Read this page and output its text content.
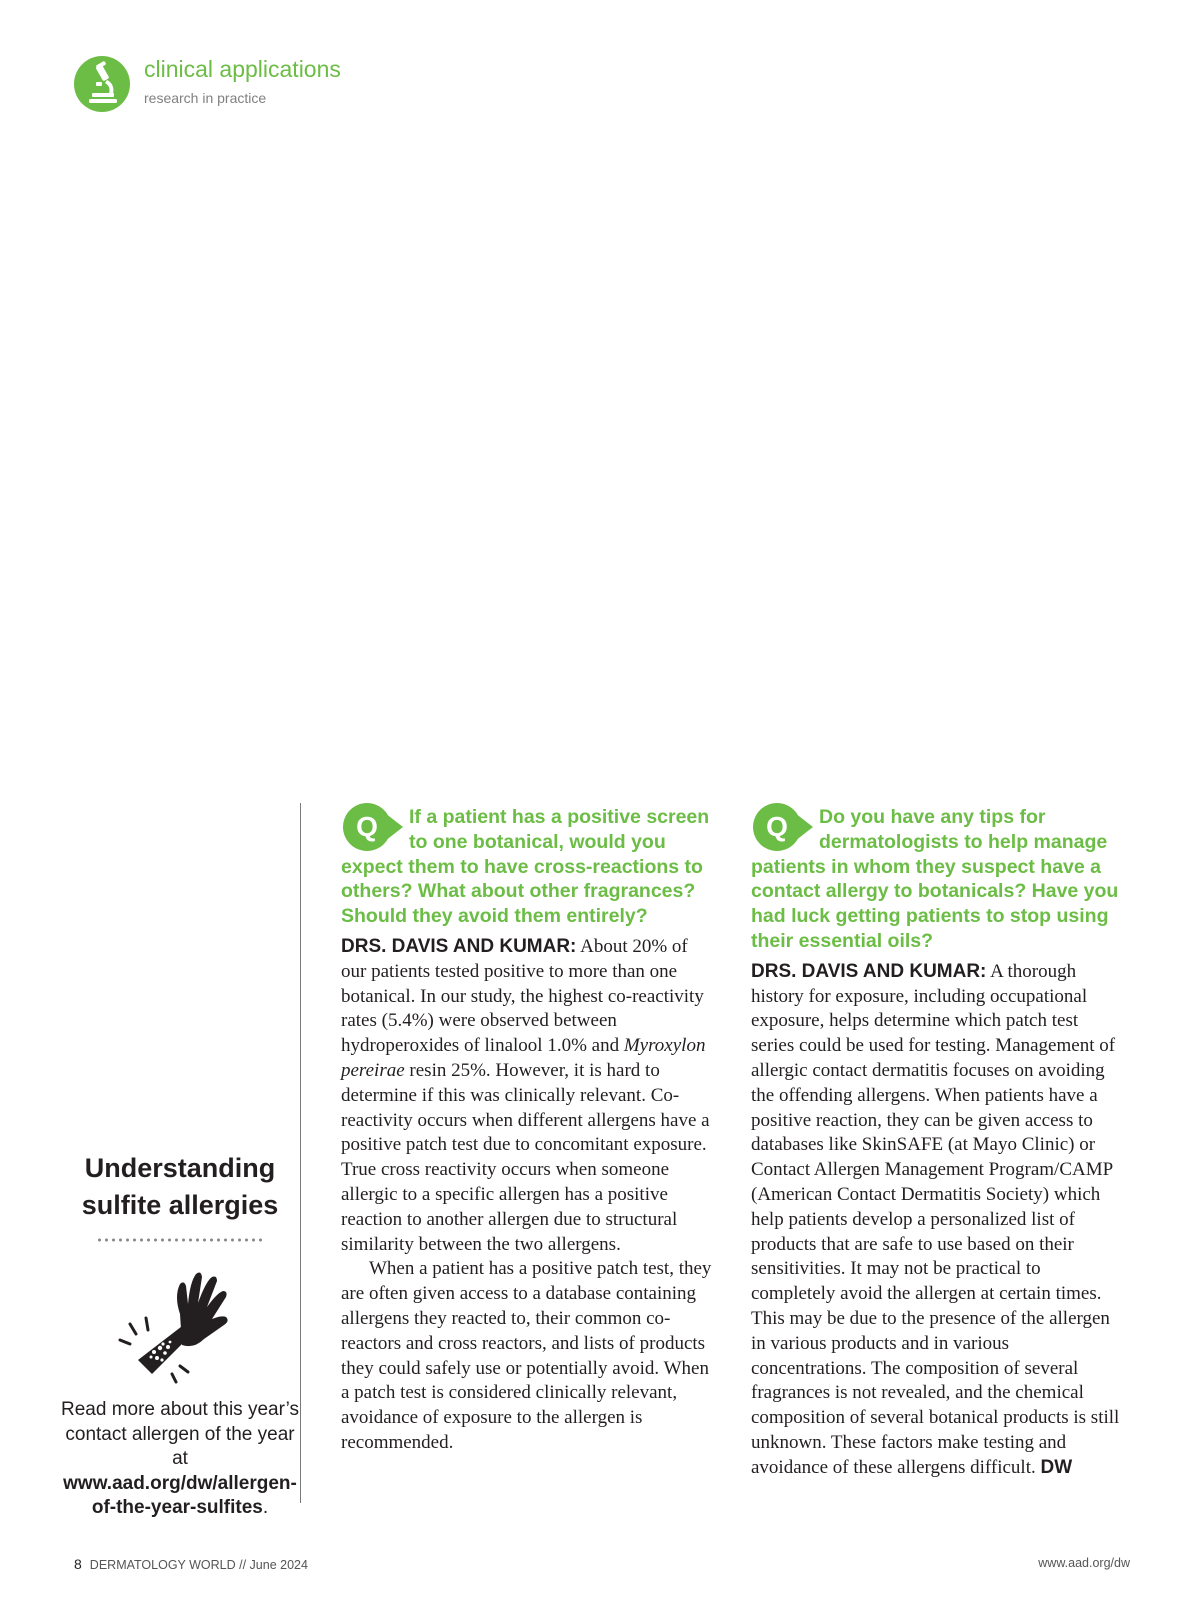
clinical applications
research in practice
Understanding
sulfite allergies
Read more about this year’s contact allergen of the year at www.aad.org/dw/allergen-of-the-year-sulfites.
Q If a patient has a positive screen to one botanical, would you expect them to have cross-reactions to others? What about other fragrances? Should they avoid them entirely?

DRS. DAVIS AND KUMAR: About 20% of our patients tested positive to more than one botanical. In our study, the highest co-reactivity rates (5.4%) were observed between hydroperoxides of linalool 1.0% and Myroxylon pereirae resin 25%. However, it is hard to determine if this was clinically relevant. Co-reactivity occurs when different allergens have a positive patch test due to concomitant exposure. True cross reactivity occurs when someone allergic to a specific allergen has a positive reaction to another allergen due to structural similarity between the two allergens.

When a patient has a positive patch test, they are often given access to a database containing allergens they reacted to, their common co-reactors and cross reactors, and lists of products they could safely use or potentially avoid. When a patch test is considered clinically relevant, avoidance of exposure to the allergen is recommended.

Q Do you have any tips for dermatologists to help manage patients in whom they suspect have a contact allergy to botanicals? Have you had luck getting patients to stop using their essential oils?

DRS. DAVIS AND KUMAR: A thorough history for exposure, including occupational exposure, helps determine which patch test series could be used for testing. Management of allergic contact dermatitis focuses on avoiding the offending allergens. When patients have a positive reaction, they can be given access to databases like SkinSAFE (at Mayo Clinic) or Contact Allergen Management Program/CAMP (American Contact Dermatitis Society) which help patients develop a personalized list of products that are safe to use based on their sensitivities. It may not be practical to completely avoid the allergen at certain times. This may be due to the presence of the allergen in various products and in various concentrations. The composition of several fragrances is not revealed, and the chemical composition of several botanical products is still unknown. These factors make testing and avoidance of these allergens difficult. DW

8 DERMATOLOGY WORLD // June 2024	www.aad.org/dw
